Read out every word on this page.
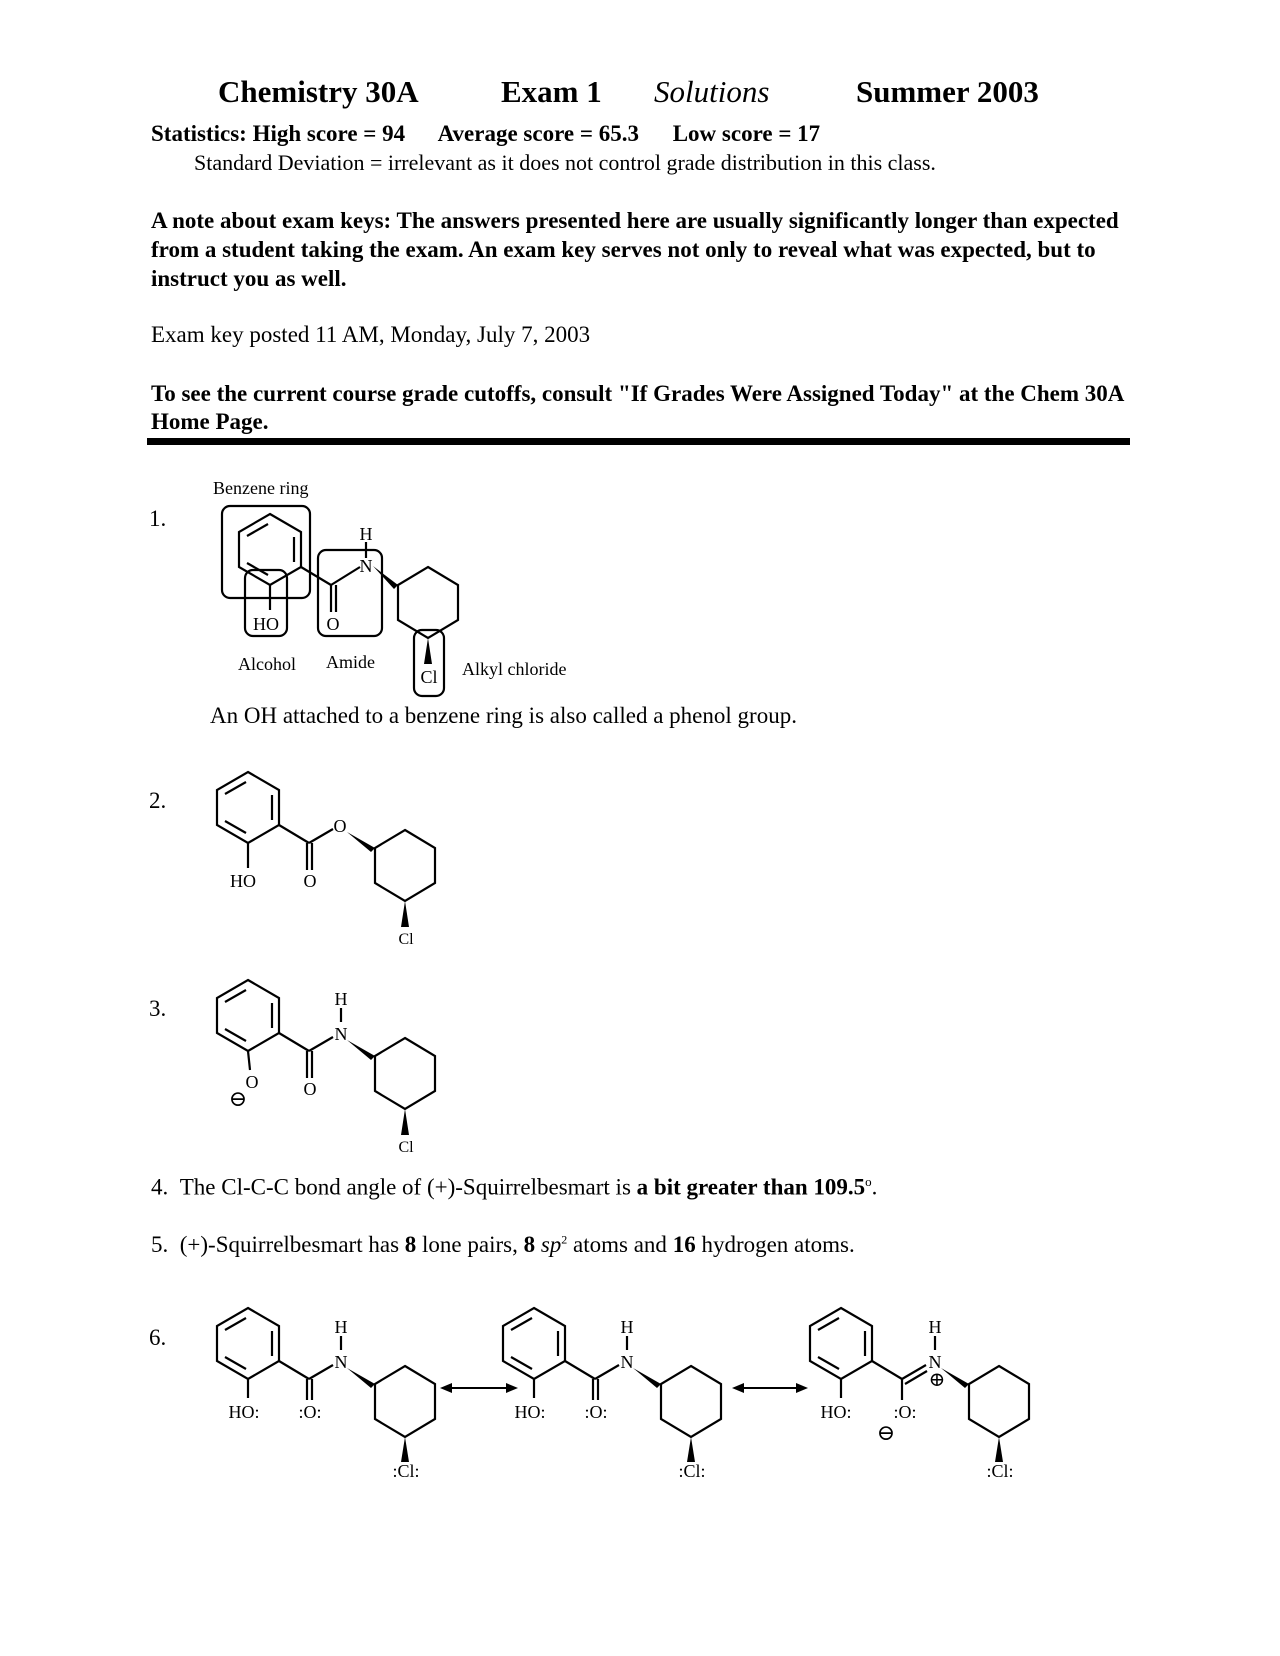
Chemistry 30A	Exam 1 Solutions	Summer 2003
Statistics: High score = 94 Average score = 65.3 Low score = 17
Standard Deviation = irrelevant as it does not control grade distribution in this class.
A note about exam keys: The answers presented here are usually significantly longer than expected from a student taking the exam. An exam key serves not only to reveal what was expected, but to instruct you as well.
Exam key posted 11 AM, Monday, July 7, 2003
To see the current course grade cutoffs, consult "If Grades Were Assigned Today" at the Chem 30A Home Page.
1.
2.
3.
6.
An OH attached to a benzene ring is also called a phenol group.
4. The Cl-C-C bond angle of (+)-Squirrelbesmart is a bit greater than 109.5$^o$.
5. (+)-Squirrelbesmart has 8 lone pairs, 8 $sp^2$ atoms and 16 hydrogen atoms.
H
N
HO	O
Cl
Benzene ring
Alcohol Amide	Alkyl chloride
O
HO	O
Cl
H
N
O
⊖	O
Cl
H
N
HO: :O:
:Cl:
H
N
HO: :O:
:Cl:
H
N
⊕
HO: :O:
⊖
:Cl:
